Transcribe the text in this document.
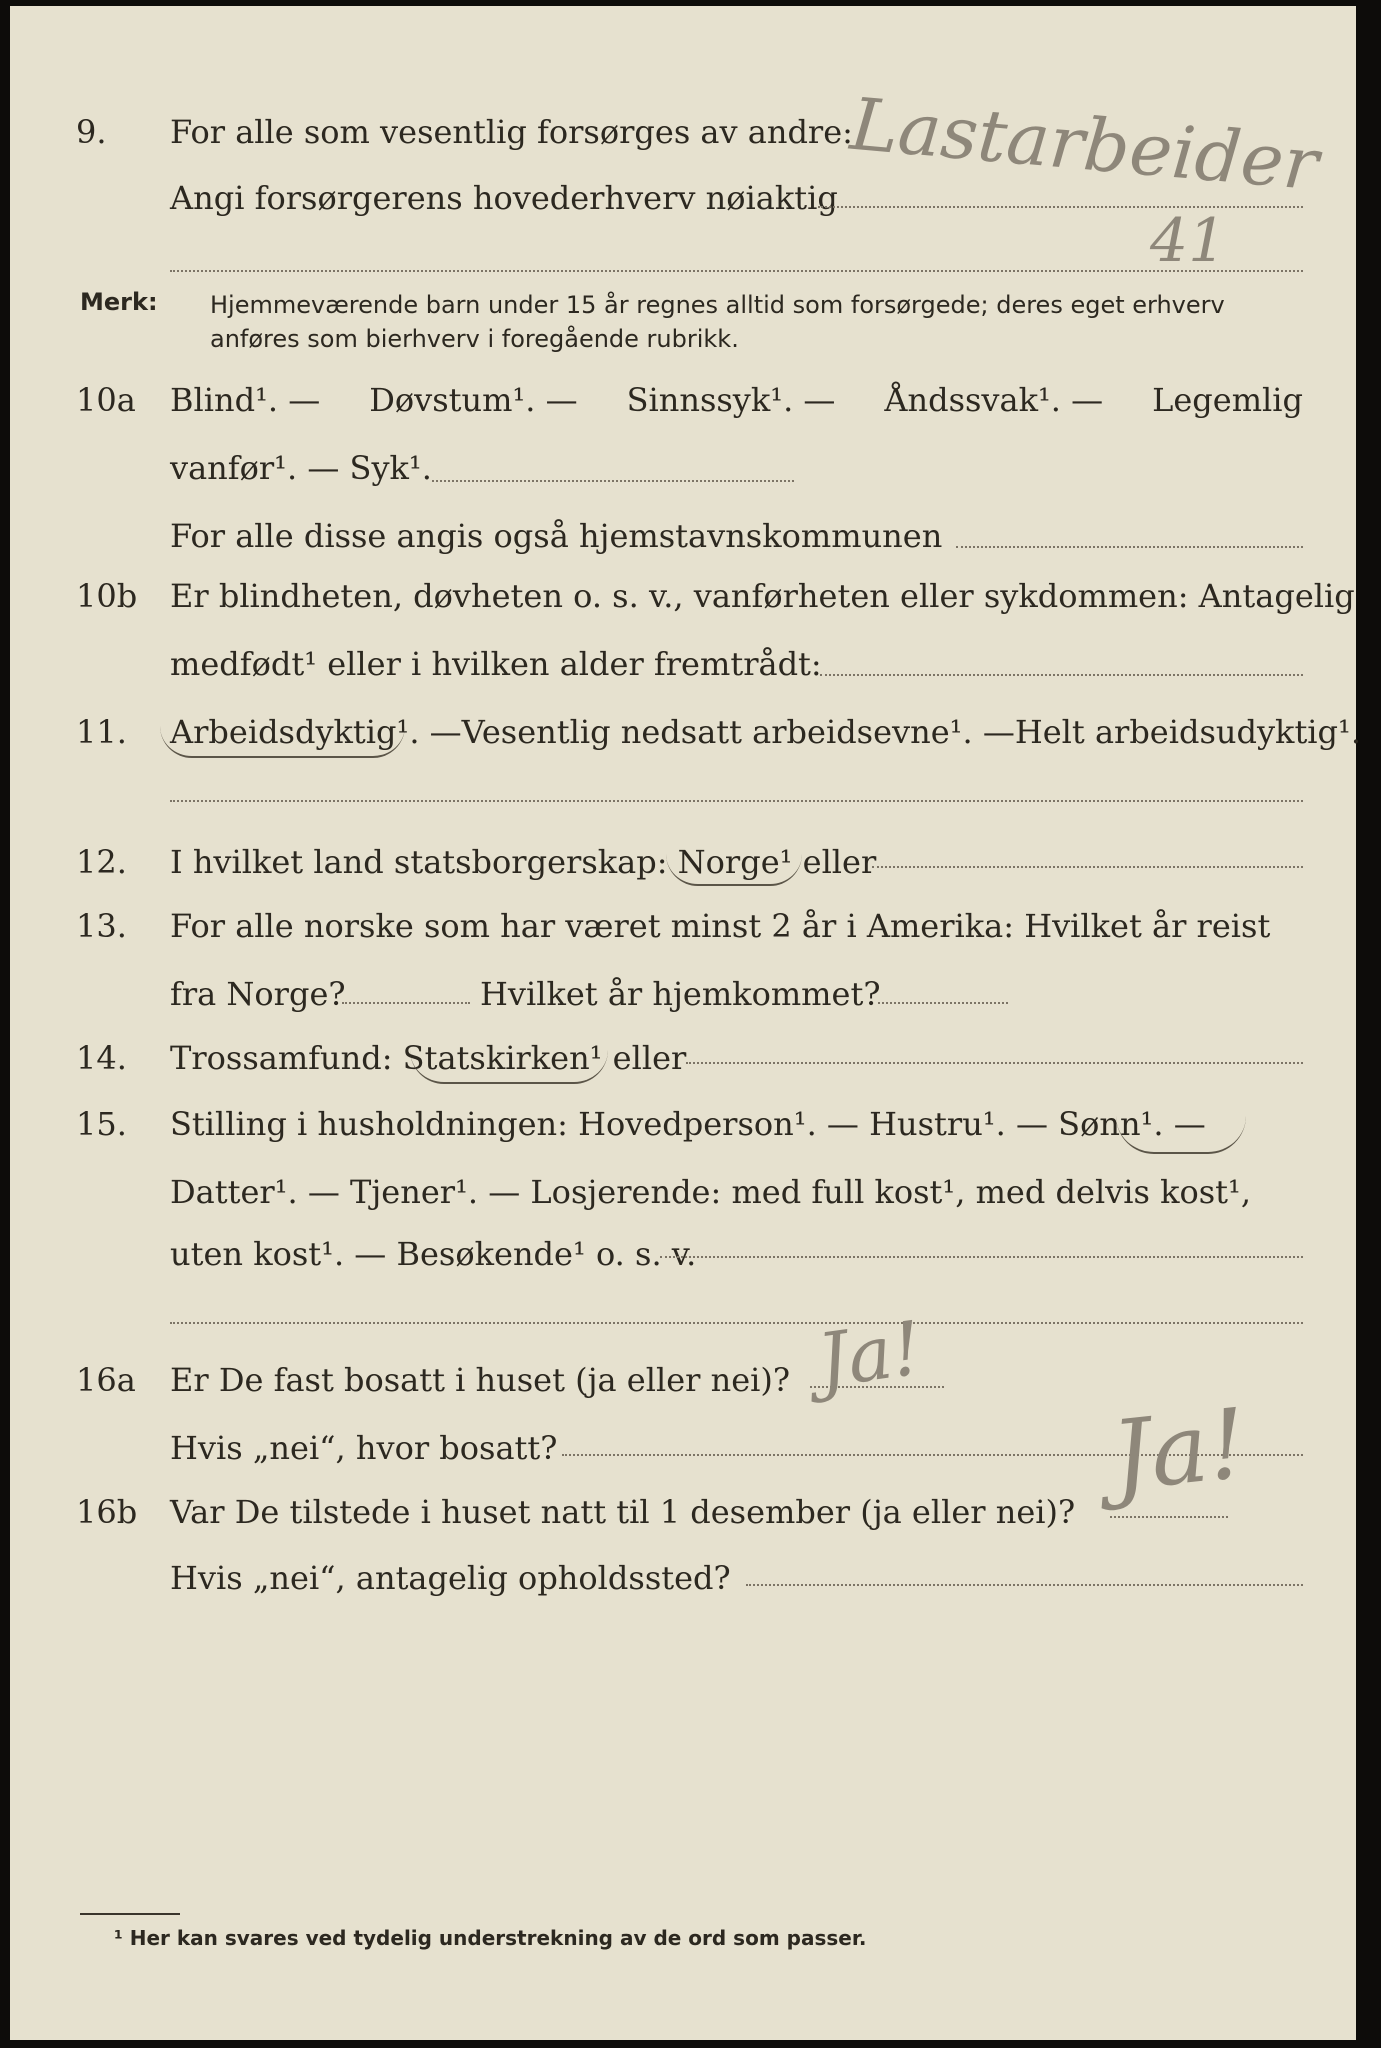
9. For alle som vesentlig forsørges av andre:
Angi forsørgerens hovederhverv nøiaktig Lastarbeider
41
Merk: Hjemmeværende barn under 15 år regnes alltid som forsørgede; deres eget erhverv
anføres som bierhverv i foregående rubrikk.
10a Blind¹. — Døvstum¹. — Sinnssyk¹. — Åndssvak¹. — Legemlig
vanfør¹. — Syk¹.
For alle disse angis også hjemstavnskommunen
10b Er blindheten, døvheten o. s. v., vanførheten eller sykdommen: Antagelig
medfødt¹ eller i hvilken alder fremtrådt:
11. Arbeidsdyktig¹. — Vesentlig nedsatt arbeidsevne¹. — Helt arbeidsudyktig¹.
12. I hvilket land statsborgerskap: Norge¹ eller
13. For alle norske som har været minst 2 år i Amerika: Hvilket år reist
fra Norge?	Hvilket år hjemkommet?
14. Trossamfund: Statskirken¹ eller
15. Stilling i husholdningen: Hovedperson¹. — Hustru¹. — Sønn¹. —
Datter¹. — Tjener¹. — Losjerende: med full kost¹, med delvis kost¹,
uten kost¹. — Besøkende¹ o. s. v.
16a Er De fast bosatt i huset (ja eller nei)? Ja!
Hvis „nei“, hvor bosatt?
16b Var De tilstede i huset natt til 1 desember (ja eller nei)? Ja!
Hvis „nei“, antagelig opholdssted?
¹ Her kan svares ved tydelig understrekning av de ord som passer.
